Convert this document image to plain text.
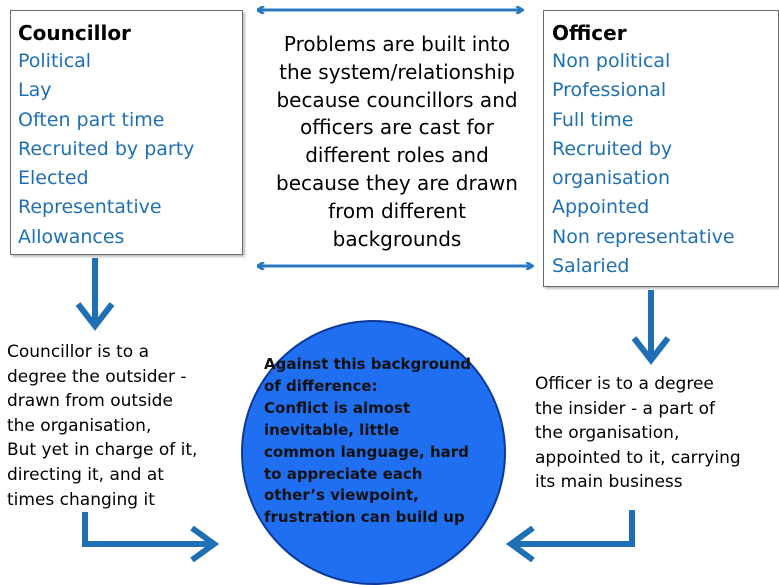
Councillor

Political
Lay
Often part time
Recruited by party
Elected
Representative
Allowances

Officer

Non political
Professional
Full time
Recruited by
organisation
Appointed
Non representative
Salaried
Problems are built into
the system/relationship
because councillors and
officers are cast for
different roles and
because they are drawn
from different
backgrounds
Councillor is to a
degree the outsider -
drawn from outside
the organisation,
But yet in charge of it,
directing it, and at
times changing it
Against this background
of difference:
Conflict is almost
inevitable, little
common language, hard
to appreciate each
other’s viewpoint,
frustration can build up
Officer is to a degree
the insider - a part of
the organisation,
appointed to it, carrying
its main business
